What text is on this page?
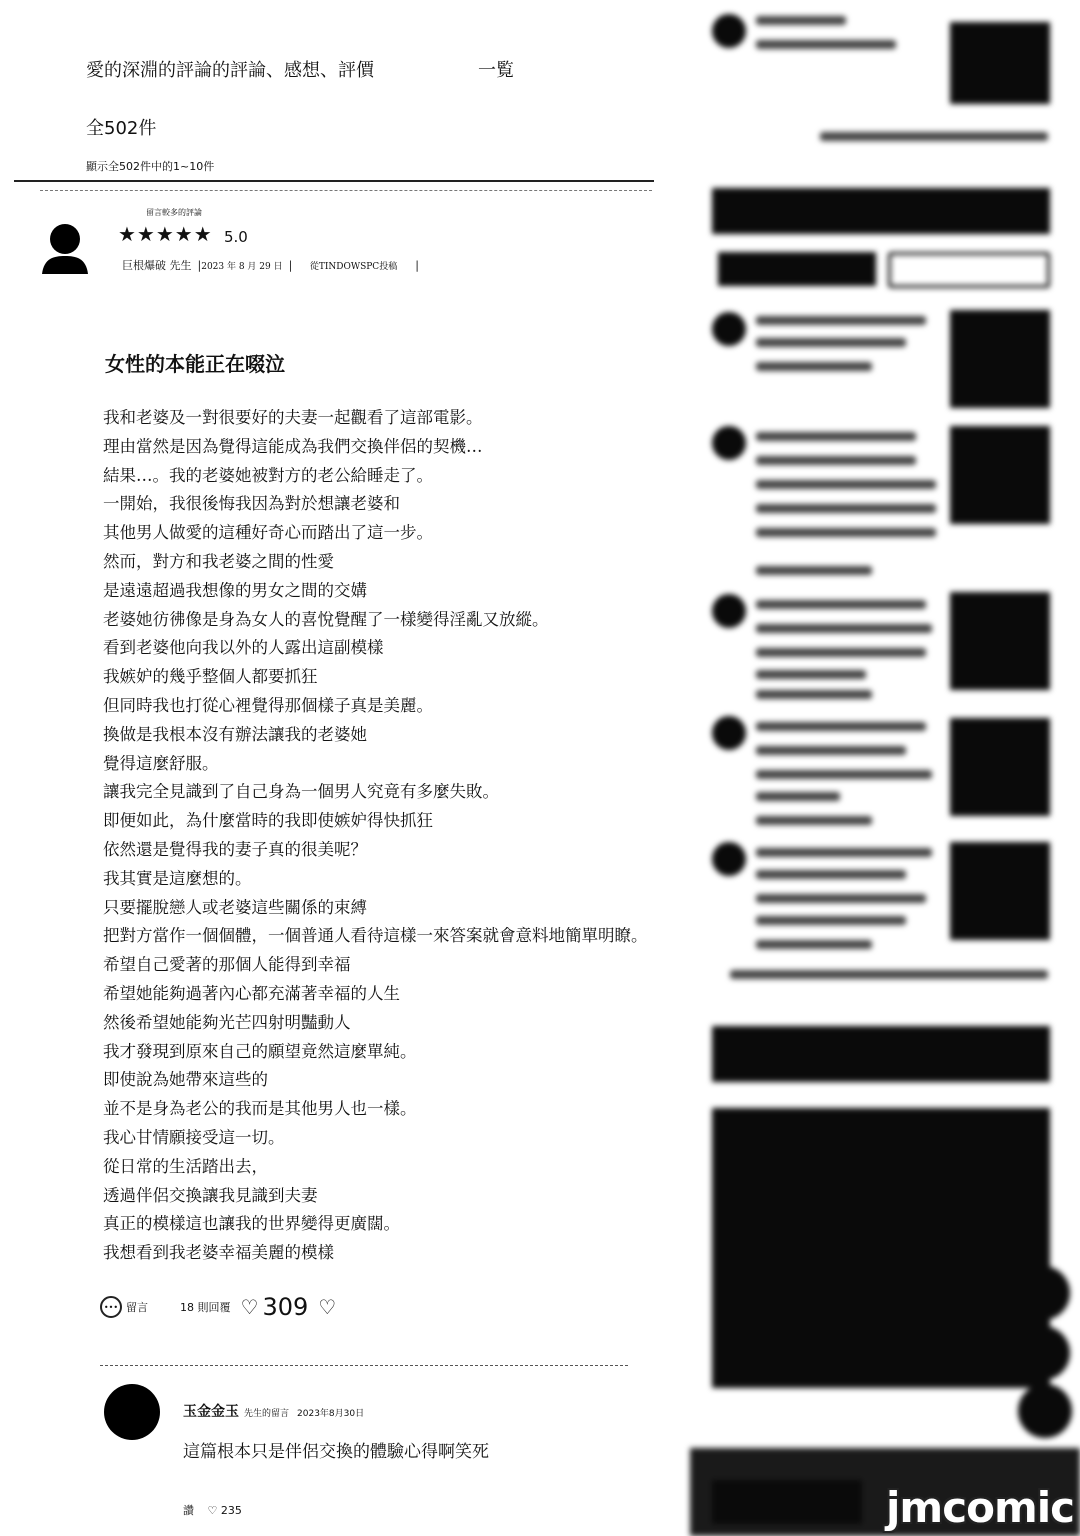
愛的深淵的評論的評論、感想、評價	一覧
全502件
顯示全502件中的1~10件
留言較多的評論
★★★★★ 5.0
巨根爆破 先生 |2023 年 8 月 29 日 | 從TINDOWSPC投稿 |
女性的本能正在啜泣
我和老婆及一對很要好的夫妻一起觀看了這部電影。
理由當然是因為覺得這能成為我們交換伴侶的契機…
結果…。我的老婆她被對方的老公給睡走了。
一開始，我很後悔我因為對於想讓老婆和
其他男人做愛的這種好奇心而踏出了這一步。
然而，對方和我老婆之間的性愛
是遠遠超過我想像的男女之間的交媾
老婆她彷彿像是身為女人的喜悅覺醒了一樣變得淫亂又放縱。
看到老婆他向我以外的人露出這副模樣
我嫉妒的幾乎整個人都要抓狂
但同時我也打從心裡覺得那個樣子真是美麗。
換做是我根本沒有辦法讓我的老婆她
覺得這麼舒服。
讓我完全見識到了自己身為一個男人究竟有多麼失敗。
即便如此，為什麼當時的我即使嫉妒得快抓狂
依然還是覺得我的妻子真的很美呢？
我其實是這麼想的。
只要擺脫戀人或老婆這些關係的束縛
把對方當作一個個體，一個普通人看待這樣一來答案就會意料地簡單明瞭。
希望自己愛著的那個人能得到幸福
希望她能夠過著內心都充滿著幸福的人生
然後希望她能夠光芒四射明豔動人
我才發現到原來自己的願望竟然這麼單純。
即使說為她帶來這些的
並不是身為老公的我而是其他男人也一樣。
我心甘情願接受這一切。
從日常的生活踏出去，
透過伴侶交換讓我見識到夫妻
真正的模樣這也讓我的世界變得更廣闊。
我想看到我老婆幸福美麗的模樣
••• 留言	18 則回覆 ♡ 309 ♡
玉金金玉 先生的留言 2023年8月30日
這篇根本只是伴侶交換的體驗心得啊笑死
讚 ♡ 235	jmcomic
